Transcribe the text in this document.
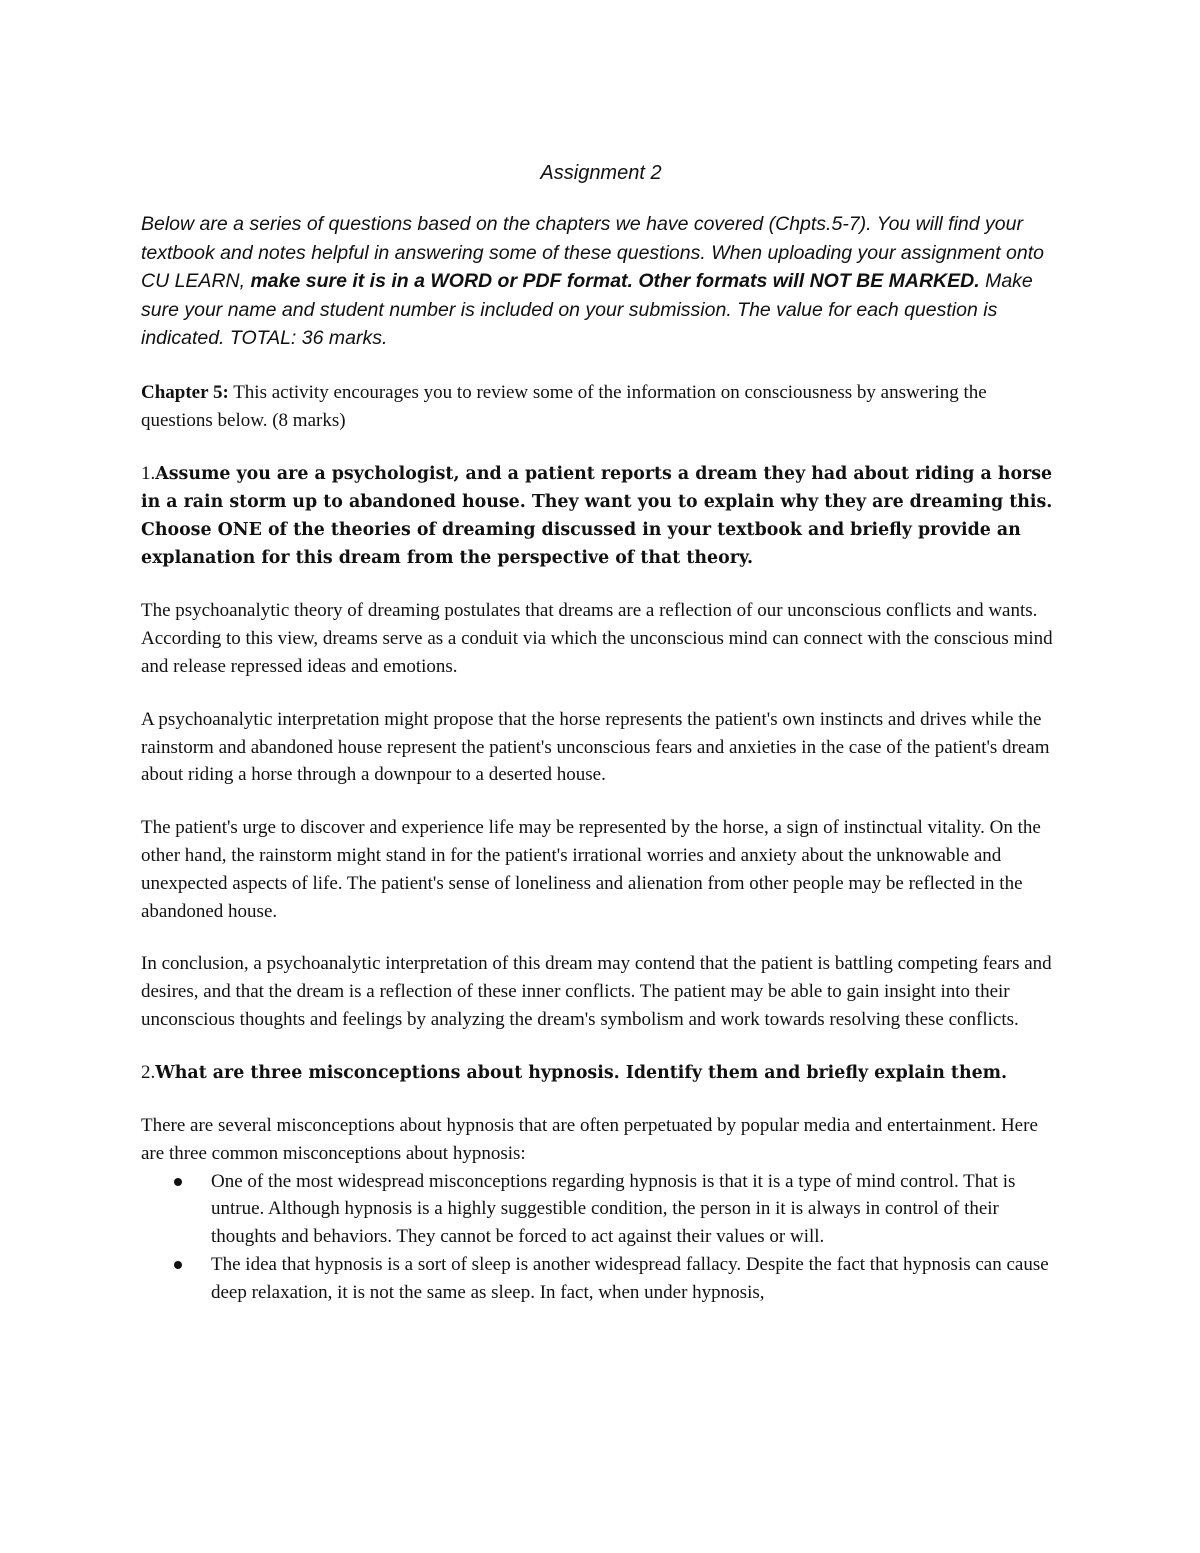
Assignment 2

Below are a series of questions based on the chapters we have covered (Chpts.5-7). You will find your textbook and notes helpful in answering some of these questions. When uploading your assignment onto CU LEARN, make sure it is in a WORD or PDF format. Other formats will NOT BE MARKED. Make sure your name and student number is included on your submission. The value for each question is indicated. TOTAL: 36 marks.

Chapter 5: This activity encourages you to review some of the information on consciousness by answering the questions below. (8 marks)

1.Assume you are a psychologist, and a patient reports a dream they had about riding a horse in a rain storm up to abandoned house. They want you to explain why they are dreaming this. Choose ONE of the theories of dreaming discussed in your textbook and briefly provide an explanation for this dream from the perspective of that theory.

The psychoanalytic theory of dreaming postulates that dreams are a reflection of our unconscious conflicts and wants. According to this view, dreams serve as a conduit via which the unconscious mind can connect with the conscious mind and release repressed ideas and emotions.

A psychoanalytic interpretation might propose that the horse represents the patient's own instincts and drives while the rainstorm and abandoned house represent the patient's unconscious fears and anxieties in the case of the patient's dream about riding a horse through a downpour to a deserted house.

The patient's urge to discover and experience life may be represented by the horse, a sign of instinctual vitality. On the other hand, the rainstorm might stand in for the patient's irrational worries and anxiety about the unknowable and unexpected aspects of life. The patient's sense of loneliness and alienation from other people may be reflected in the abandoned house.

In conclusion, a psychoanalytic interpretation of this dream may contend that the patient is battling competing fears and desires, and that the dream is a reflection of these inner conflicts. The patient may be able to gain insight into their unconscious thoughts and feelings by analyzing the dream's symbolism and work towards resolving these conflicts.

2.What are three misconceptions about hypnosis. Identify them and briefly explain them.

There are several misconceptions about hypnosis that are often perpetuated by popular media and entertainment. Here are three common misconceptions about hypnosis:

One of the most widespread misconceptions regarding hypnosis is that it is a type of mind control. That is untrue. Although hypnosis is a highly suggestible condition, the person in it is always in control of their thoughts and behaviors. They cannot be forced to act against their values or will.
The idea that hypnosis is a sort of sleep is another widespread fallacy. Despite the fact that hypnosis can cause deep relaxation, it is not the same as sleep. In fact, when under hypnosis,
